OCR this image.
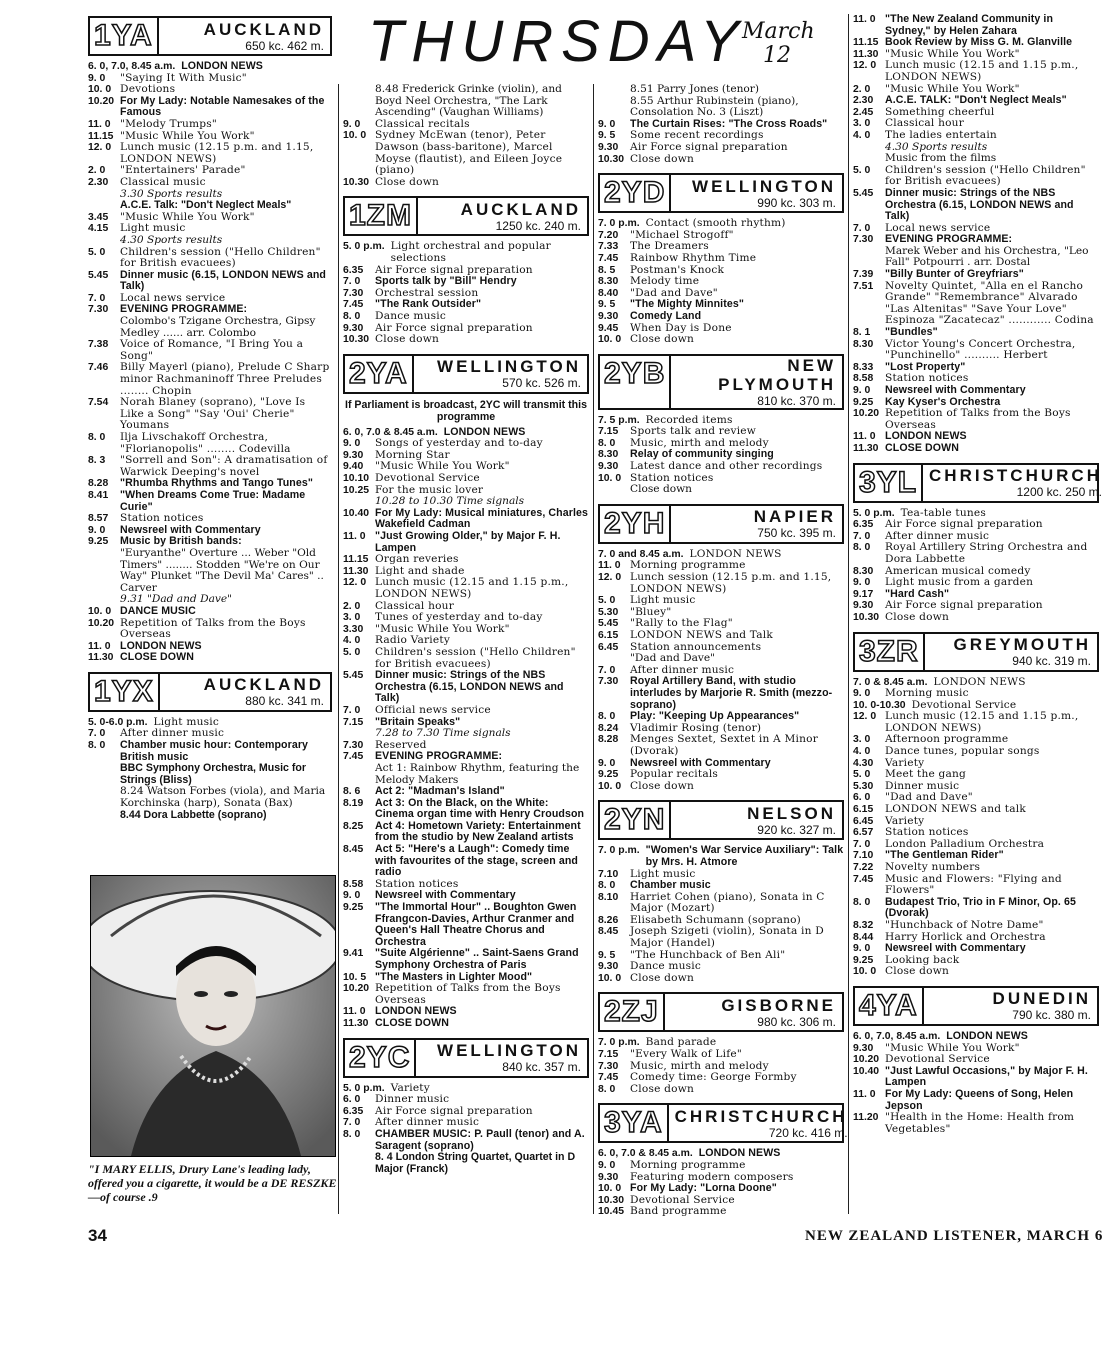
THURSDAY
March
12
1YA	AUCKLAND
650 kc. 462 m.
6. 0, 7.0, 8.45 a.m. LONDON NEWS
9. 0	"Saying It With Music"
10. 0 Devotions
10.20 For My Lady: Notable Namesakes of the Famous
11. 0 "Melody Trumps"
11.15 "Music While You Work"
12. 0 Lunch music (12.15 p.m. and 1.15, LONDON NEWS)
2. 0	"Entertainers' Parade"
2.30	Classical music
3.30 Sports results
A.C.E. Talk: "Don't Neglect Meals"
3.45	"Music While You Work"
4.15	Light music
4.30 Sports results
5. 0	Children's session ("Hello Children" for British evacuees)
5.45	Dinner music (6.15, LONDON NEWS and Talk)
7. 0	Local news service
7.30	EVENING PROGRAMME:
Colombo's Tzigane Orchestra, Gipsy Medley ...... arr. Colombo
7.38	Voice of Romance, "I Bring You a Song"
7.46	Billy Mayerl (piano), Prelude C Sharp minor Rachmaninoff Three Preludes ........ Chopin
7.54	Norah Blaney (soprano), "Love Is Like a Song" "Say 'Oui' Cherie" Youmans
8. 0	Ilja Livschakoff Orchestra, "Florianopolis" ........ Codevilla
8. 3	"Sorrell and Son": A dramatisation of Warwick Deeping's novel
8.28	"Rhumba Rhythms and Tango Tunes"
8.41	"When Dreams Come True: Madame Curie"
8.57	Station notices
9. 0	Newsreel with Commentary
9.25	Music by British bands:
"Euryanthe" Overture ... Weber "Old Timers" ........ Stodden "We're on Our Way" Plunket "The Devil Ma' Cares" .. Carver
9.31 "Dad and Dave"
10. 0 DANCE MUSIC
10.20 Repetition of Talks from the Boys Overseas
11. 0 LONDON NEWS
11.30 CLOSE DOWN
1YX	AUCKLAND
880 kc. 341 m.
5. 0-6.0 p.m. Light music
7. 0	After dinner music
8. 0	Chamber music hour: Contemporary British music
BBC Symphony Orchestra, Music for Strings (Bliss)
8.24 Watson Forbes (viola), and Maria Korchinska (harp), Sonata (Bax)
8.44 Dora Labbette (soprano)
8.48 Frederick Grinke (violin), and Boyd Neel Orchestra, "The Lark Ascending" (Vaughan Williams)
9. 0	Classical recitals
10. 0 Sydney McEwan (tenor), Peter Dawson (bass-baritone), Marcel Moyse (flautist), and Eileen Joyce (piano)
10.30 Close down
1ZM	AUCKLAND
1250 kc. 240 m.
5. 0 p.m. Light orchestral and popular selections
6.35	Air Force signal preparation
7. 0	Sports talk by "Bill" Hendry
7.30	Orchestral session
7.45	"The Rank Outsider"
8. 0	Dance music
9.30	Air Force signal preparation
10.30 Close down
2YA	WELLINGTON
570 kc. 526 m.
If Parliament is broadcast, 2YC will transmit this programme
6. 0, 7.0 & 8.45 a.m. LONDON NEWS
9. 0	Songs of yesterday and to-day
9.30	Morning Star
9.40	"Music While You Work"
10.10 Devotional Service
10.25 For the music lover
10.28 to 10.30 Time signals
10.40 For My Lady: Musical miniatures, Charles Wakefield Cadman
11. 0 "Just Growing Older," by Major F. H. Lampen
11.15 Organ reveries
11.30 Light and shade
12. 0 Lunch music (12.15 and 1.15 p.m., LONDON NEWS)
2. 0	Classical hour
3. 0	Tunes of yesterday and to-day
3.30	"Music While You Work"
4. 0	Radio Variety
5. 0	Children's session ("Hello Children" for British evacuees)
5.45	Dinner music: Strings of the NBS Orchestra (6.15, LONDON NEWS and Talk)
7. 0	Official news service
7.15	"Britain Speaks"
7.28 to 7.30 Time signals
7.30	Reserved
7.45	EVENING PROGRAMME:
Act 1: Rainbow Rhythm, featuring the Melody Makers
8. 6	Act 2: "Madman's Island"
8.19	Act 3: On the Black, on the White: Cinema organ time with Henry Croudson
8.25	Act 4: Hometown Variety: Entertainment from the studio by New Zealand artists
8.45	Act 5: "Here's a Laugh": Comedy time with favourites of the stage, screen and radio
8.58	Station notices
9. 0	Newsreel with Commentary
9.25	"The Immortal Hour" .. Boughton Gwen Ffrangcon-Davies, Arthur Cranmer and Queen's Hall Theatre Chorus and Orchestra
9.41	"Suite Algérienne" .. Saint-Saens Grand Symphony Orchestra of Paris
10. 5 "The Masters in Lighter Mood"
10.20 Repetition of Talks from the Boys Overseas
11. 0 LONDON NEWS
11.30 CLOSE DOWN
2YC	WELLINGTON
840 kc. 357 m.
5. 0 p.m. Variety
6. 0	Dinner music
6.35	Air Force signal preparation
7. 0	After dinner music
8. 0	CHAMBER MUSIC: P. Paull (tenor) and A. Saragent (soprano)
8. 4 London String Quartet, Quartet in D Major (Franck)
8.51 Parry Jones (tenor)
8.55 Arthur Rubinstein (piano), Consolation No. 3 (Liszt)
9. 0	The Curtain Rises: "The Cross Roads"
9. 5	Some recent recordings
9.30	Air Force signal preparation
10.30 Close down
2YD	WELLINGTON
990 kc. 303 m.
7. 0 p.m. Contact (smooth rhythm)
7.20	"Michael Strogoff"
7.33	The Dreamers
7.45	Rainbow Rhythm Time
8. 5	Postman's Knock
8.30	Melody time
8.40	"Dad and Dave"
9. 5	"The Mighty Minnites"
9.30	Comedy Land
9.45	When Day is Done
10. 0 Close down
2YB	NEW PLYMOUTH
810 kc. 370 m.
7. 5 p.m. Recorded items
7.15	Sports talk and review
8. 0	Music, mirth and melody
8.30	Relay of community singing
9.30	Latest dance and other recordings
10. 0 Station notices
Close down
2YH	NAPIER
750 kc. 395 m.
7. 0 and 8.45 a.m. LONDON NEWS
11. 0 Morning programme
12. 0 Lunch session (12.15 p.m. and 1.15, LONDON NEWS)
5. 0	Light music
5.30	"Bluey"
5.45	"Rally to the Flag"
6.15	LONDON NEWS and Talk
6.45	Station announcements
"Dad and Dave"
7. 0	After dinner music
7.30	Royal Artillery Band, with studio interludes by Marjorie R. Smith (mezzo-soprano)
8. 0	Play: "Keeping Up Appearances"
8.24	Vladimir Rosing (tenor)
8.28	Menges Sextet, Sextet in A Minor (Dvorak)
9. 0	Newsreel with Commentary
9.25	Popular recitals
10. 0 Close down
2YN	NELSON
920 kc. 327 m.
7. 0 p.m. "Women's War Service Auxiliary": Talk by Mrs. H. Atmore
7.10	Light music
8. 0	Chamber music
8.10	Harriet Cohen (piano), Sonata in C Major (Mozart)
8.26	Elisabeth Schumann (soprano)
8.45	Joseph Szigeti (violin), Sonata in D Major (Handel)
9. 5	"The Hunchback of Ben Ali"
9.30	Dance music
10. 0 Close down
2ZJ	GISBORNE
980 kc. 306 m.
7. 0 p.m. Band parade
7.15	"Every Walk of Life"
7.30	Music, mirth and melody
7.45	Comedy time: George Formby
8. 0	Close down
3YA CHRISTCHURCH
720 kc. 416 m.
6. 0, 7.0 & 8.45 a.m. LONDON NEWS
9. 0	Morning programme
9.30	Featuring modern composers
10. 0 For My Lady: "Lorna Doone"
10.30 Devotional Service
10.45 Band programme
11. 0 "The New Zealand Community in Sydney," by Helen Zahara
11.15 Book Review by Miss G. M. Glanville
11.30 "Music While You Work"
12. 0 Lunch music (12.15 and 1.15 p.m., LONDON NEWS)
2. 0	"Music While You Work"
2.30	A.C.E. TALK: "Don't Neglect Meals"
2.45	Something cheerful
3. 0	Classical hour
4. 0	The ladies entertain
4.30 Sports results
Music from the films
5. 0	Children's session ("Hello Children" for British evacuees)
5.45	Dinner music: Strings of the NBS Orchestra (6.15, LONDON NEWS and Talk)
7. 0	Local news service
7.30	EVENING PROGRAMME:
Marek Weber and his Orchestra, "Leo Fall" Potpourri . arr. Dostal
7.39	"Billy Bunter of Greyfriars"
7.51	Novelty Quintet, "Alla en el Rancho Grande" "Remembrance" Alvarado "Las Altenitas" "Save Your Love" Espinoza "Zacatecaz" ............ Codina
8. 1	"Bundles"
8.30	Victor Young's Concert Orchestra, "Punchinello" .......... Herbert
8.33	"Lost Property"
8.58	Station notices
9. 0	Newsreel with Commentary
9.25	Kay Kyser's Orchestra
10.20 Repetition of Talks from the Boys Overseas
11. 0 LONDON NEWS
11.30 CLOSE DOWN
3YL CHRISTCHURCH
1200 kc. 250 m.
5. 0 p.m. Tea-table tunes
6.35	Air Force signal preparation
7. 0	After dinner music
8. 0	Royal Artillery String Orchestra and Dora Labbette
8.30	American musical comedy
9. 0	Light music from a garden
9.17	"Hard Cash"
9.30	Air Force signal preparation
10.30 Close down
3ZR	GREYMOUTH
940 kc. 319 m.
7. 0 & 8.45 a.m. LONDON NEWS
9. 0	Morning music
10. 0-10.30 Devotional Service
12. 0 Lunch music (12.15 and 1.15 p.m., LONDON NEWS)
3. 0	Afternoon programme
4. 0	Dance tunes, popular songs
4.30	Variety
5. 0	Meet the gang
5.30	Dinner music
6. 0	"Dad and Dave"
6.15	LONDON NEWS and talk
6.45	Variety
6.57	Station notices
7. 0	London Palladium Orchestra
7.10	"The Gentleman Rider"
7.22	Novelty numbers
7.45	Music and Flowers: "Flying and Flowers"
8. 0	Budapest Trio, Trio in F Minor, Op. 65 (Dvorak)
8.32	"Hunchback of Notre Dame"
8.44	Harry Horlick and Orchestra
9. 0	Newsreel with Commentary
9.25	Looking back
10. 0 Close down
4YA	DUNEDIN
790 kc. 380 m.
6. 0, 7.0, 8.45 a.m. LONDON NEWS
9.30	"Music While You Work"
10.20 Devotional Service
10.40 "Just Lawful Occasions," by Major F. H. Lampen
11. 0 For My Lady: Queens of Song, Helen Jepson
11.20 "Health in the Home: Health from Vegetables"
"I MARY ELLIS, Drury Lane's leading lady, offered you a cigarette, it would be a DE RESZKE—of course .9
34	NEW ZEALAND LISTENER, MARCH 6
